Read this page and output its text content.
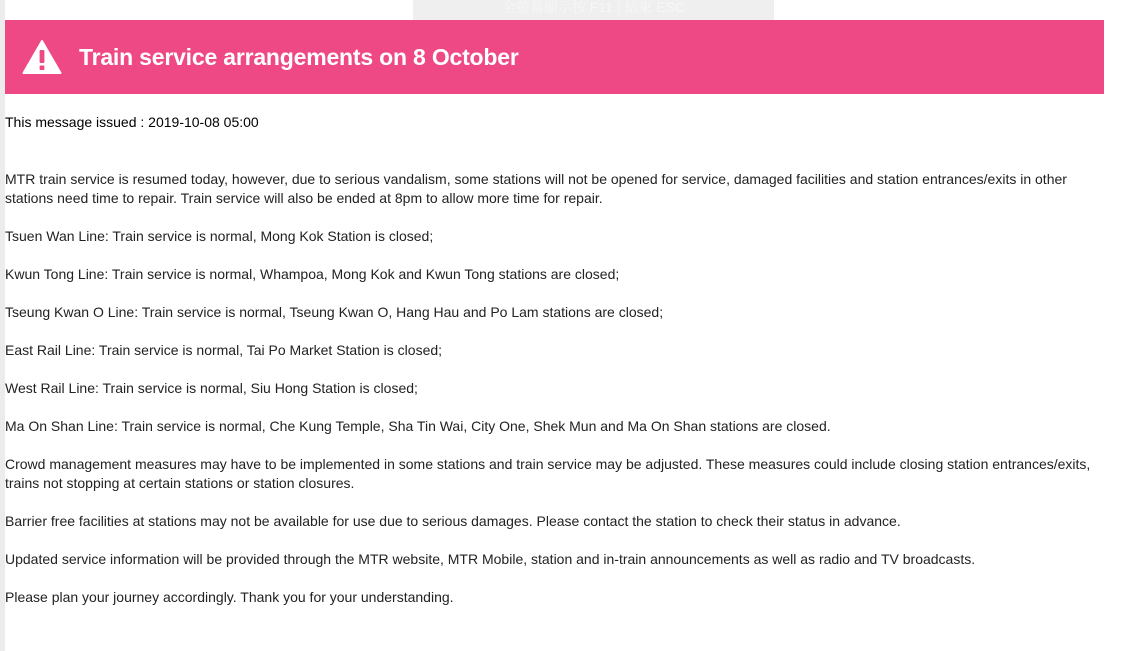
全螢幕顯示按 F11 | 結束 ESC
Train service arrangements on 8 October

This message issued : 2019-10-08 05:00

MTR train service is resumed today, however, due to serious vandalism, some stations will not be opened for service, damaged facilities and station entrances/exits in other stations need time to repair. Train service will also be ended at 8pm to allow more time for repair.

Tsuen Wan Line: Train service is normal, Mong Kok Station is closed;

Kwun Tong Line: Train service is normal, Whampoa, Mong Kok and Kwun Tong stations are closed;

Tseung Kwan O Line: Train service is normal, Tseung Kwan O, Hang Hau and Po Lam stations are closed;

East Rail Line: Train service is normal, Tai Po Market Station is closed;

West Rail Line: Train service is normal, Siu Hong Station is closed;

Ma On Shan Line: Train service is normal, Che Kung Temple, Sha Tin Wai, City One, Shek Mun and Ma On Shan stations are closed.

Crowd management measures may have to be implemented in some stations and train service may be adjusted. These measures could include closing station entrances/exits, trains not stopping at certain stations or station closures.

Barrier free facilities at stations may not be available for use due to serious damages. Please contact the station to check their status in advance.

Updated service information will be provided through the MTR website, MTR Mobile, station and in-train announcements as well as radio and TV broadcasts.

Please plan your journey accordingly. Thank you for your understanding.
